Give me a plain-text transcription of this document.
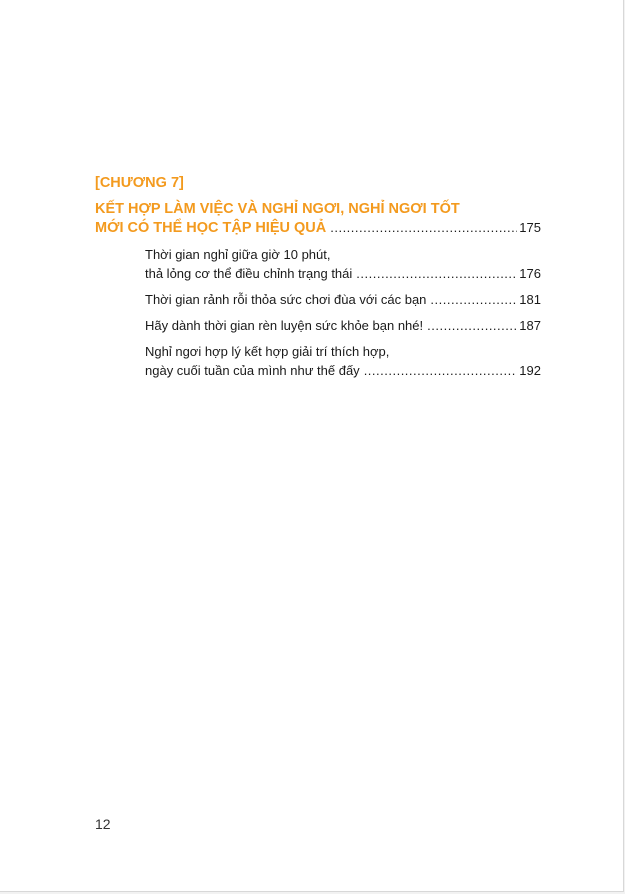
[CHƯƠNG 7]
KẾT HỢP LÀM VIỆC VÀ NGHỈ NGƠI, NGHỈ NGƠI TỐT
MỚI CÓ THỂ HỌC TẬP HIỆU QUẢ .....	175
Thời gian nghỉ giữa giờ 10 phút,
thả lỏng cơ thể điều chỉnh trạng thái .....	176
Thời gian rảnh rỗi thỏa sức chơi đùa với các bạn .....	181
Hãy dành thời gian rèn luyện sức khỏe bạn nhé! .....	187
Nghỉ ngơi hợp lý kết hợp giải trí thích hợp,
ngày cuối tuần của mình như thế đấy .....	192
12
